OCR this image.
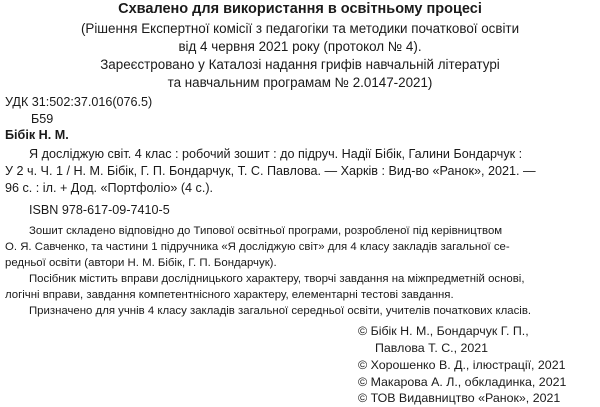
Схвалено для використання в освітньому процесі
(Рішення Експертної комісії з педагогіки та методики початкової освіти
від 4 червня 2021 року (протокол № 4).
Зареєстровано у Каталозі надання грифів навчальній літературі
та навчальним програмам № 2.0147-2021)
УДК 31:502:37.016(076.5)
Б59
Бібік Н. М.
Я досліджую світ. 4 клас : робочий зошит : до підруч. Надії Бібік, Галини Бондарчук :
У 2 ч. Ч. 1 / Н. М. Бібік, Г. П. Бондарчук, Т. С. Павлова. — Харків : Вид-во «Ранок», 2021. —
96 с. : іл. + Дод. «Портфоліо» (4 с.).
ISBN 978-617-09-7410-5
Зошит складено відповідно до Типової освітньої програми, розробленої під керівництвом
О. Я. Савченко, та частини 1 підручника «Я досліджую світ» для 4 класу закладів загальної се-
редньої освіти (автори Н. М. Бібік, Г. П. Бондарчук).
Посібник містить вправи дослідницького характеру, творчі завдання на міжпредметній основі,
логічні вправи, завдання компетентнісного характеру, елементарні тестові завдання.
Призначено для учнів 4 класу закладів загальної середньої освіти, учителів початкових класів.
© Бібік Н. М., Бондарчук Г. П.,
Павлова Т. С., 2021
© Хорошенко В. Д., ілюстрації, 2021
© Макарова А. Л., обкладинка, 2021
© ТОВ Видавництво «Ранок», 2021
